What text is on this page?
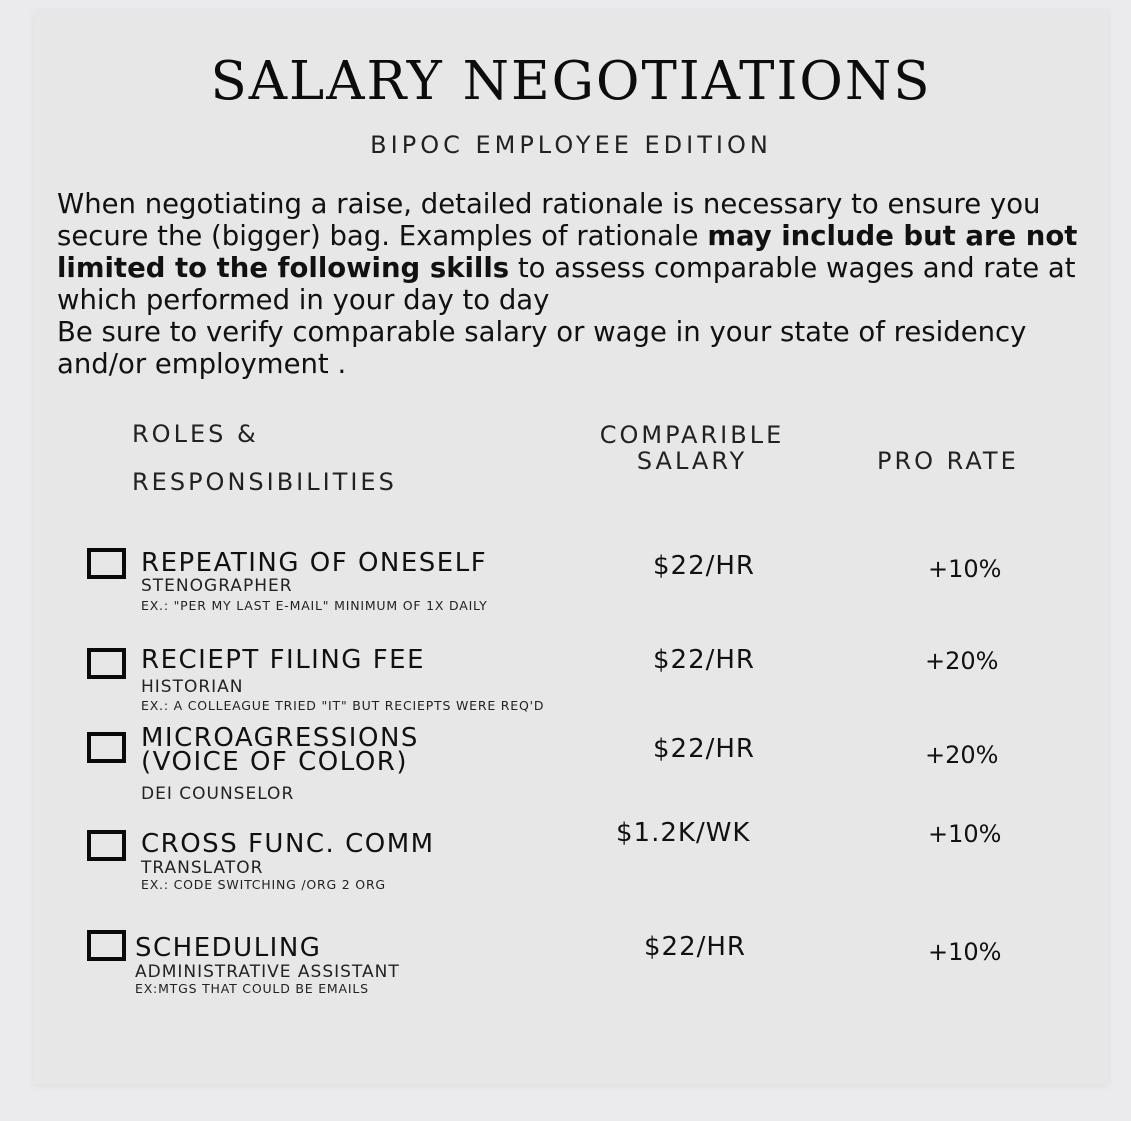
SALARY NEGOTIATIONS
BIPOC EMPLOYEE EDITION

When negotiating a raise, detailed rationale is necessary to ensure you secure the (bigger) bag. Examples of rationale may include but are not limited to the following skills to assess comparable wages and rate at which performed in your day to day

Be sure to verify comparable salary or wage in your state of residency and/or employment .

ROLES &
RESPONSIBILITIES
COMPARIBLE
SALARY	PRO RATE
REPEATING OF ONESELF
STENOGRAPHER
EX.: "PER MY LAST E-MAIL" MINIMUM OF 1X DAILY
$22/HR	+10%
RECIEPT FILING FEE
HISTORIAN
EX.: A COLLEAGUE TRIED "IT" BUT RECIEPTS WERE REQ'D
$22/HR	+20%
MICROAGRESSIONS
(VOICE OF COLOR)
DEI COUNSELOR
$22/HR	+20%
CROSS FUNC. COMM
TRANSLATOR
EX.: CODE SWITCHING /ORG 2 ORG
$1.2K/WK	+10%
SCHEDULING
ADMINISTRATIVE ASSISTANT
EX:MTGS THAT COULD BE EMAILS
$22/HR	+10%
